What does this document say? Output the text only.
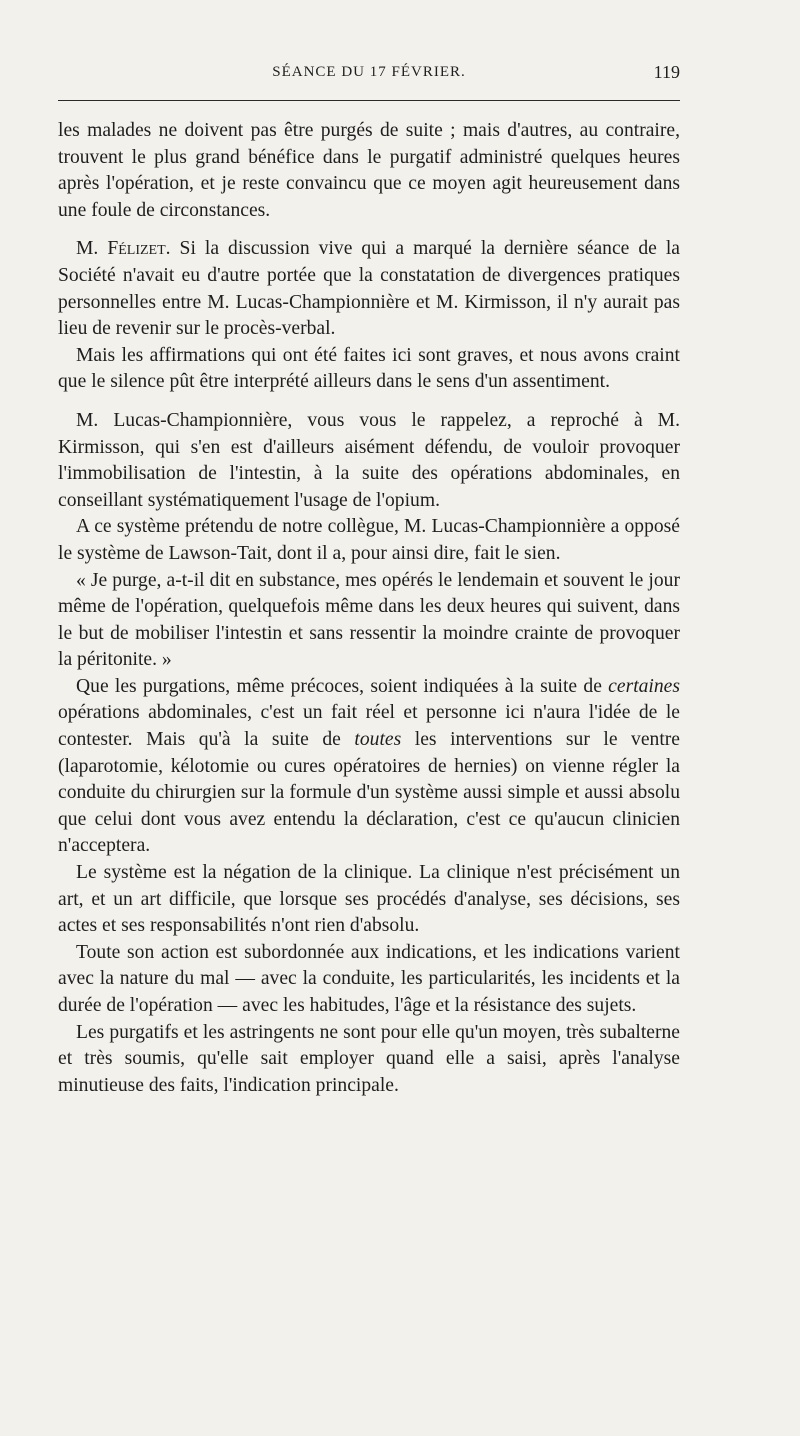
SÉANCE DU 17 FÉVRIER.	119

les malades ne doivent pas être purgés de suite ; mais d'autres, au contraire, trouvent le plus grand bénéfice dans le purgatif administré quelques heures après l'opération, et je reste convaincu que ce moyen agit heureusement dans une foule de circonstances.

M. Félizet. Si la discussion vive qui a marqué la dernière séance de la Société n'avait eu d'autre portée que la constatation de divergences pratiques personnelles entre M. Lucas-Championnière et M. Kirmisson, il n'y aurait pas lieu de revenir sur le procès-verbal.

Mais les affirmations qui ont été faites ici sont graves, et nous avons craint que le silence pût être interprété ailleurs dans le sens d'un assentiment.

M. Lucas-Championnière, vous vous le rappelez, a reproché à M. Kirmisson, qui s'en est d'ailleurs aisément défendu, de vouloir provoquer l'immobilisation de l'intestin, à la suite des opérations abdominales, en conseillant systématiquement l'usage de l'opium.

A ce système prétendu de notre collègue, M. Lucas-Championnière a opposé le système de Lawson-Tait, dont il a, pour ainsi dire, fait le sien.

« Je purge, a-t-il dit en substance, mes opérés le lendemain et souvent le jour même de l'opération, quelquefois même dans les deux heures qui suivent, dans le but de mobiliser l'intestin et sans ressentir la moindre crainte de provoquer la péritonite. »

Que les purgations, même précoces, soient indiquées à la suite de certaines opérations abdominales, c'est un fait réel et personne ici n'aura l'idée de le contester. Mais qu'à la suite de toutes les interventions sur le ventre (laparotomie, kélotomie ou cures opératoires de hernies) on vienne régler la conduite du chirurgien sur la formule d'un système aussi simple et aussi absolu que celui dont vous avez entendu la déclaration, c'est ce qu'aucun clinicien n'acceptera.

Le système est la négation de la clinique. La clinique n'est précisément un art, et un art difficile, que lorsque ses procédés d'analyse, ses décisions, ses actes et ses responsabilités n'ont rien d'absolu.

Toute son action est subordonnée aux indications, et les indications varient avec la nature du mal — avec la conduite, les particularités, les incidents et la durée de l'opération — avec les habitudes, l'âge et la résistance des sujets.

Les purgatifs et les astringents ne sont pour elle qu'un moyen, très subalterne et très soumis, qu'elle sait employer quand elle a saisi, après l'analyse minutieuse des faits, l'indication principale.
